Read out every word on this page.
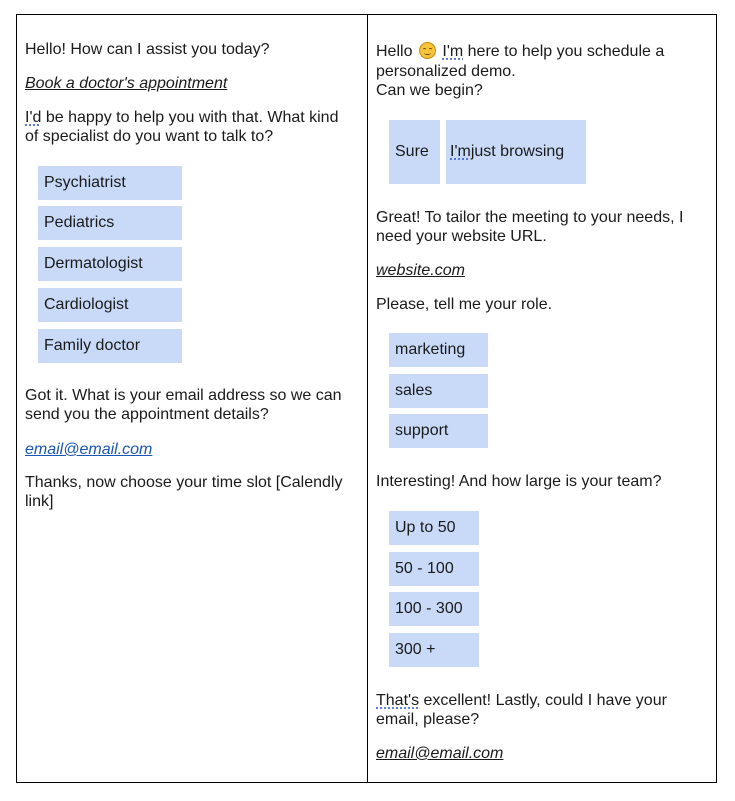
Hello! How can I assist you today?
Book a doctor's appointment
I'd be happy to help you with that. What kind
of specialist do you want to talk to?
Psychiatrist
Pediatrics
Dermatologist
Cardiologist
Family doctor
Got it. What is your email address so we can
send you the appointment details?
email@email.com
Thanks, now choose your time slot [Calendly
link]
Hello I'm here to help you schedule a
personalized demo.
Can we begin?
Sure	I'm just browsing
Great! To tailor the meeting to your needs, I
need your website URL.
website.com
Please, tell me your role.
marketing
sales
support
Interesting! And how large is your team?
Up to 50
50 - 100
100 - 300
300 +
That's excellent! Lastly, could I have your
email, please?
email@email.com
